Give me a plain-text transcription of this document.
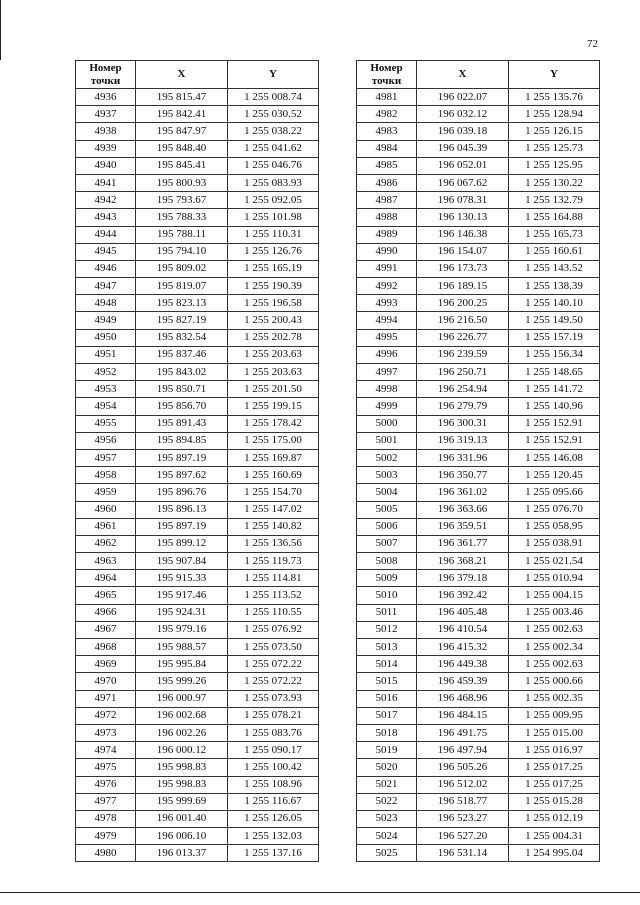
72
Номер
точки	X	Y
4936	195 815.47	1 255 008.74
4937	195 842.41	1 255 030.52
4938	195 847.97	1 255 038.22
4939	195 848.40	1 255 041.62
4940	195 845.41	1 255 046.76
4941	195 800.93	1 255 083.93
4942	195 793.67	1 255 092.05
4943	195 788.33	1 255 101.98
4944	195 788.11	1 255 110.31
4945	195 794.10	1 255 126.76
4946	195 809.02	1 255 165.19
4947	195 819.07	1 255 190.39
4948	195 823.13	1 255 196.58
4949	195 827.19	1 255 200.43
4950	195 832.54	1 255 202.78
4951	195 837.46	1 255 203.63
4952	195 843.02	1 255 203.63
4953	195 850.71	1 255 201.50
4954	195 856.70	1 255 199.15
4955	195 891.43	1 255 178.42
4956	195 894.85	1 255 175.00
4957	195 897.19	1 255 169.87
4958	195 897.62	1 255 160.69
4959	195 896.76	1 255 154.70
4960	195 896.13	1 255 147.02
4961	195 897.19	1 255 140.82
4962	195 899.12	1 255 136.56
4963	195 907.84	1 255 119.73
4964	195 915.33	1 255 114.81
4965	195 917.46	1 255 113.52
4966	195 924.31	1 255 110.55
4967	195 979.16	1 255 076.92
4968	195 988.57	1 255 073.50
4969	195 995.84	1 255 072.22
4970	195 999.26	1 255 072.22
4971	196 000.97	1 255 073.93
4972	196 002.68	1 255 078.21
4973	196 002.26	1 255 083.76
4974	196 000.12	1 255 090.17
4975	195 998.83	1 255 100.42
4976	195 998.83	1 255 108.96
4977	195 999.69	1 255 116.67
4978	196 001.40	1 255 126.05
4979	196 006.10	1 255 132.03
4980	196 013.37	1 255 137.16
Номер
точки	X	Y
4981	196 022.07	1 255 135.76
4982	196 032.12	1 255 128.94
4983	196 039.18	1 255 126.15
4984	196 045.39	1 255 125.73
4985	196 052.01	1 255 125.95
4986	196 067.62	1 255 130.22
4987	196 078.31	1 255 132.79
4988	196 130.13	1 255 164.88
4989	196 146.38	1 255 165.73
4990	196 154.07	1 255 160.61
4991	196 173.73	1 255 143.52
4992	196 189.15	1 255 138.39
4993	196 200.25	1 255 140.10
4994	196 216.50	1 255 149.50
4995	196 226.77	1 255 157.19
4996	196 239.59	1 255 156.34
4997	196 250.71	1 255 148.65
4998	196 254.94	1 255 141.72
4999	196 279.79	1 255 140.96
5000	196 300.31	1 255 152.91
5001	196 319.13	1 255 152.91
5002	196 331.96	1 255 146.08
5003	196 350.77	1 255 120.45
5004	196 361.02	1 255 095.66
5005	196 363.66	1 255 076.70
5006	196 359.51	1 255 058.95
5007	196 361.77	1 255 038.91
5008	196 368.21	1 255 021.54
5009	196 379.18	1 255 010.94
5010	196 392.42	1 255 004.15
5011	196 405.48	1 255 003.46
5012	196 410.54	1 255 002.63
5013	196 415.32	1 255 002.34
5014	196 449.38	1 255 002.63
5015	196 459.39	1 255 000.66
5016	196 468.96	1 255 002.35
5017	196 484.15	1 255 009.95
5018	196 491.75	1 255 015.00
5019	196 497.94	1 255 016.97
5020	196 505.26	1 255 017.25
5021	196 512.02	1 255 017.25
5022	196 518.77	1 255 015.28
5023	196 523.27	1 255 012.19
5024	196 527.20	1 255 004.31
5025	196 531.14	1 254 995.04
